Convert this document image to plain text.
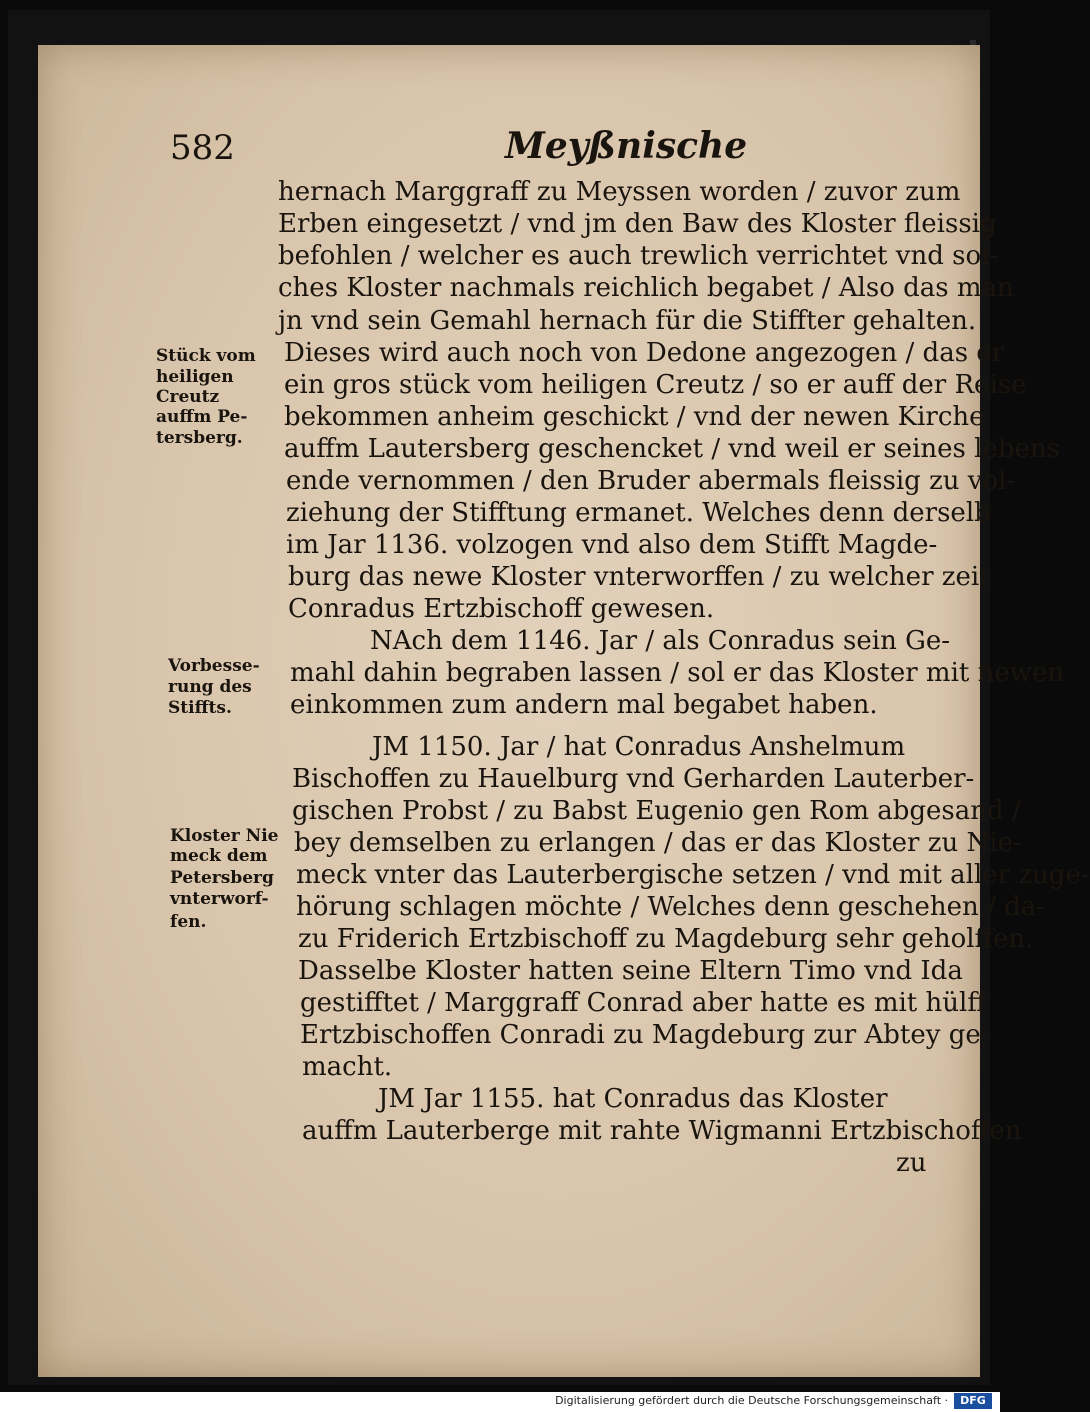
582	Meyßnische
hernach Marggraff zu Meyssen worden / zuvor zum
Erben eingesetzt / vnd jm den Baw des Kloster fleissig
befohlen / welcher es auch trewlich verrichtet vnd sol-
ches Kloster nachmals reichlich begabet / Also das man
jn vnd sein Gemahl hernach für die Stiffter gehalten.
Dieses wird auch noch von Dedone angezogen / das er
ein gros stück vom heiligen Creutz / so er auff der Reise
bekommen anheim geschickt / vnd der newen Kirche
auffm Lautersberg geschencket / vnd weil er seines lebens
ende vernommen / den Bruder abermals fleissig zu vol-
ziehung der Stifftung ermanet. Welches denn derselb
im Jar 1136. volzogen vnd also dem Stifft Magde-
burg das newe Kloster vnterworffen / zu welcher zeit
Conradus Ertzbischoff gewesen.
NAch dem 1146. Jar / als Conradus sein Ge-
mahl dahin begraben lassen / sol er das Kloster mit newen
einkommen zum andern mal begabet haben.
JM 1150. Jar / hat Conradus Anshelmum
Bischoffen zu Hauelburg vnd Gerharden Lauterber-
gischen Probst / zu Babst Eugenio gen Rom abgesand /
bey demselben zu erlangen / das er das Kloster zu Nie-
meck vnter das Lauterbergische setzen / vnd mit aller zuge-
hörung schlagen möchte / Welches denn geschehen / da-
zu Friderich Ertzbischoff zu Magdeburg sehr geholffen.
Dasselbe Kloster hatten seine Eltern Timo vnd Ida
gestifftet / Marggraff Conrad aber hatte es mit hülff
Ertzbischoffen Conradi zu Magdeburg zur Abtey ge-
macht.
JM Jar 1155. hat Conradus das Kloster
auffm Lauterberge mit rahte Wigmanni Ertzbischoffen
zu
Stück vom
heiligen
Creutz
auffm Pe-
tersberg.
Vorbesse-
rung des
Stiffts.
Kloster Nie
meck dem
Petersberg
vnterworf-
fen.
Digitalisierung gefördert durch die Deutsche Forschungsgemeinschaft ·	DFG
